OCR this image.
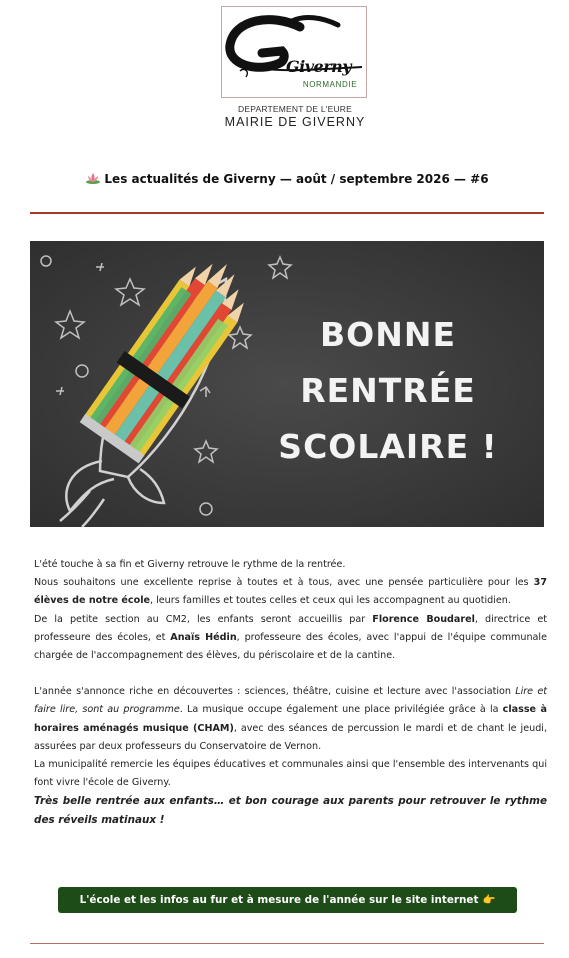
Giverny
NORMANDIE
DEPARTEMENT DE L'EURE
MAIRIE DE GIVERNY
Les actualités de Giverny — août / septembre 2026 — #6
BONNE
RENTRÉE
SCOLAIRE !

L'été touche à sa fin et Giverny retrouve le rythme de la rentrée.

Nous souhaitons une excellente reprise à toutes et à tous, avec une pensée particulière pour les 37 élèves de notre école, leurs familles et toutes celles et ceux qui les accompagnent au quotidien.

De la petite section au CM2, les enfants seront accueillis par Florence Boudarel, directrice et professeure des écoles, et Anaïs Hédin, professeure des écoles, avec l'appui de l'équipe communale chargée de l'accompagnement des élèves, du périscolaire et de la cantine.

L'année s'annonce riche en découvertes : sciences, théâtre, cuisine et lecture avec l'association Lire et faire lire, sont au programme. La musique occupe également une place privilégiée grâce à la classe à horaires aménagés musique (CHAM), avec des séances de percussion le mardi et de chant le jeudi, assurées par deux professeurs du Conservatoire de Vernon.

La municipalité remercie les équipes éducatives et communales ainsi que l'ensemble des intervenants qui font vivre l'école de Giverny.

Très belle rentrée aux enfants… et bon courage aux parents pour retrouver le rythme des réveils matinaux !

L'école et les infos au fur et à mesure de l'année sur le site internet 👉
